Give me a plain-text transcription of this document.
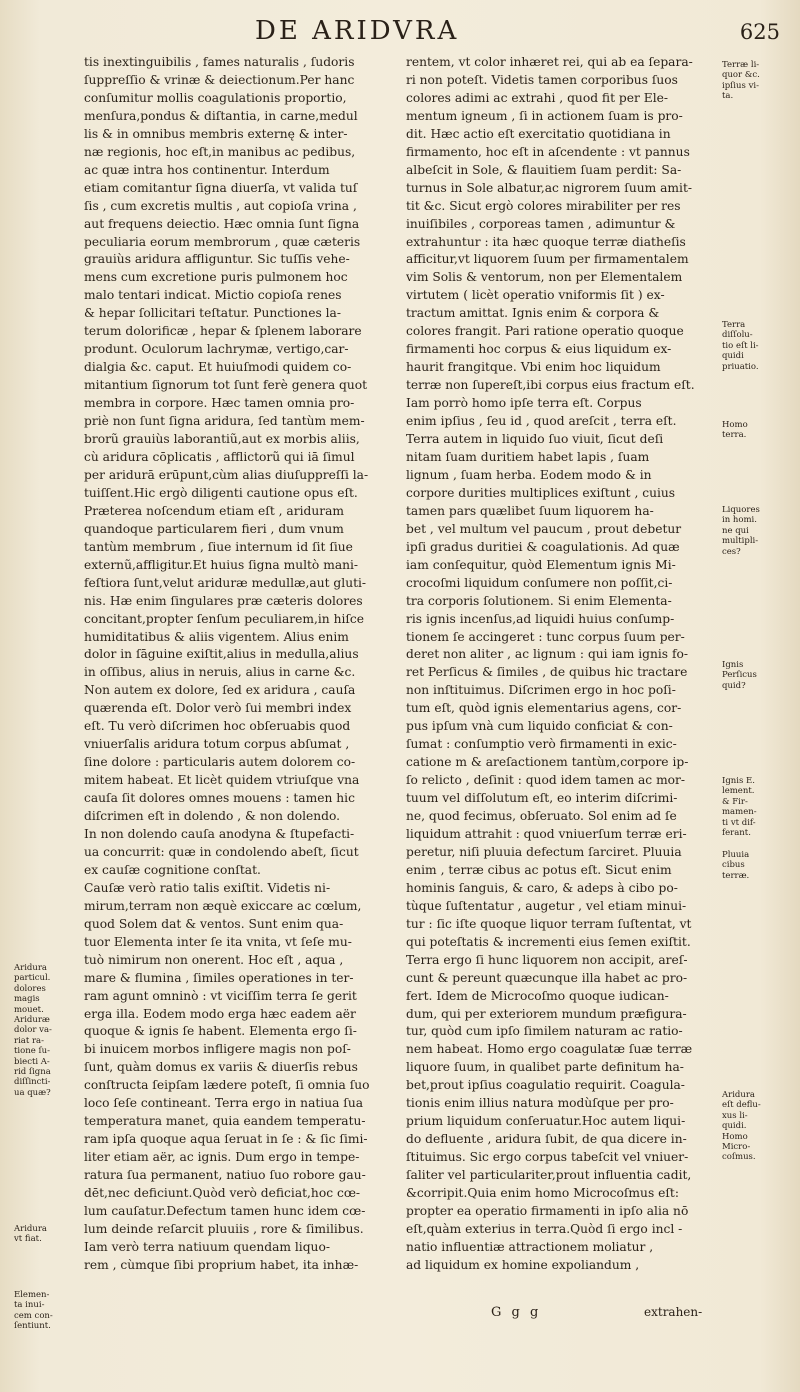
DE ARIDVRA	625
tis inextinguibilis , fames naturalis , ſudoris
ſuppreſſio & vrinæ & deiectionum.Per hanc
conſumitur mollis coagulationis proportio,
menſura,pondus & diſtantia, in carne,medul
lis & in omnibus membris externę & inter-
næ regionis, hoc eſt,in manibus ac pedibus,
ac quæ intra hos continentur. Interdum
etiam comitantur ſigna diuerſa, vt valida tuſ
ſis , cum excretis multis , aut copioſa vrina ,
aut frequens deiectio. Hæc omnia ſunt ſigna
peculiaria eorum membrorum , quæ cæteris
grauiùs aridura affliguntur. Sic tuſſis vehe-
mens cum excretione puris pulmonem hoc
malo tentari indicat. Mictio copioſa renes
& hepar ſollicitari teſtatur. Punctiones la-
terum dolorificæ , hepar & ſplenem laborare
produnt. Oculorum lachrymæ, vertigo,car-
dialgia &c. caput. Et huiuſmodi quidem co-
mitantium ſignorum tot ſunt ferè genera quot
membra in corpore. Hæc tamen omnia pro-
priè non ſunt ſigna aridura, ſed tantùm mem-
brorũ grauiùs laborantiũ,aut ex morbis aliis,
cù aridura cōplicatis , afflictorũ qui iā ſimul
per aridurā erūpunt,cùm alias diuſuppreſſi la-
tuiſſent.Hic ergò diligenti cautione opus eſt.
Præterea noſcendum etiam eſt , ariduram
quandoque particularem fieri , dum vnum
tantùm membrum , ſiue internum id ſit ſiue
externũ,affligitur.Et huius ſigna multò mani-
feſtiora ſunt,velut ariduræ medullæ,aut gluti-
nis. Hæ enim ſingulares præ cæteris dolores
concitant,propter ſenſum peculiarem,in hiſce
humiditatibus & aliis vigentem. Alius enim
dolor in ſāguine exiſtit,alius in medulla,alius
in oſſibus, alius in neruis, alius in carne &c.
Non autem ex dolore, ſed ex aridura , cauſa
quærenda eſt. Dolor verò ſui membri index
eſt. Tu verò diſcrimen hoc obſeruabis quod
vniuerſalis aridura totum corpus abſumat ,
ſine dolore : particularis autem dolorem co-
mitem habeat. Et licèt quidem vtriuſque vna
cauſa ſit dolores omnes mouens : tamen hic
diſcrimen eſt in dolendo , & non dolendo.
In non dolendo cauſa anodyna & ſtupefacti-
ua concurrit: quæ in condolendo abeſt, ſicut
ex cauſæ cognitione conſtat.
Cauſæ verò ratio talis exiſtit. Videtis ni-
mirum,terram non æquè exiccare ac cœlum,
quod Solem dat & ventos. Sunt enim qua-
tuor Elementa inter ſe ita vnita, vt ſeſe mu-
tuò nimirum non onerent. Hoc eſt , aqua ,
mare & flumina , ſimiles operationes in ter-
ram agunt omninò : vt viciſſim terra ſe gerit
erga illa. Eodem modo erga hæc eadem aër
quoque & ignis ſe habent. Elementa ergo ſi-
bi inuicem morbos infligere magis non poſ-
ſunt, quàm domus ex variis & diuerſis rebus
conſtructa ſeipſam lædere poteſt, ſi omnia ſuo
loco ſeſe contineant. Terra ergo in natiua ſua
temperatura manet, quia eandem temperatu-
ram ipſa quoque aqua ſeruat in ſe : & ſic ſimi-
liter etiam aër, ac ignis. Dum ergo in tempe-
ratura ſua permanent, natiuo ſuo robore gau-
dēt,nec deficiunt.Quòd verò deficiat,hoc cœ-
lum cauſatur.Defectum tamen hunc idem cœ-
lum deinde reſarcit pluuiis , rore & ſimilibus.
Iam verò terra natiuum quendam liquo-
rem , cùmque ſibi proprium habet, ita inhæ-
rentem, vt color inhæret rei, qui ab ea ſepara-
ri non poteſt. Videtis tamen corporibus ſuos
colores adimi ac extrahi , quod fit per Ele-
mentum igneum , ſi in actionem ſuam is pro-
dit. Hæc actio eſt exercitatio quotidiana in
firmamento, hoc eſt in aſcendente : vt pannus
albeſcit in Sole, & flauitiem ſuam perdit: Sa-
turnus in Sole albatur,ac nigrorem ſuum amit-
tit &c. Sicut ergò colores mirabiliter per res
inuiſibiles , corporeas tamen , adimuntur &
extrahuntur : ita hæc quoque terræ diatheſis
afficitur,vt liquorem ſuum per firmamentalem
vim Solis & ventorum, non per Elementalem
virtutem ( licèt operatio vniformis ſit ) ex-
tractum amittat. Ignis enim & corpora &
colores frangit. Pari ratione operatio quoque
firmamenti hoc corpus & eius liquidum ex-
haurit frangitque. Vbi enim hoc liquidum
terræ non ſupereſt,ibi corpus eius fractum eſt.
Iam porrò homo ipſe terra eſt. Corpus
enim ipſius , ſeu id , quod areſcit , terra eſt.
Terra autem in liquido ſuo viuit, ſicut deſi
nitam ſuam duritiem habet lapis , ſuam
lignum , ſuam herba. Eodem modo & in
corpore durities multiplices exiſtunt , cuius
tamen pars quælibet ſuum liquorem ha-
bet , vel multum vel paucum , prout debetur
ipſi gradus duritiei & coagulationis. Ad quæ
iam conſequitur, quòd Elementum ignis Mi-
crocoſmi liquidum conſumere non poſſit,ci-
tra corporis ſolutionem. Si enim Elementa-
ris ignis incenſus,ad liquidi huius conſump-
tionem ſe accingeret : tunc corpus ſuum per-
deret non aliter , ac lignum : qui iam ignis fo-
ret Perſicus & ſimiles , de quibus hic tractare
non inſtituimus. Diſcrimen ergo in hoc poſi-
tum eſt, quòd ignis elementarius agens, cor-
pus ipſum vnà cum liquido conficiat & con-
ſumat : conſumptio verò firmamenti in exic-
catione m & areſactionem tantùm,corpore ip-
ſo relicto , deſinit : quod idem tamen ac mor-
tuum vel diſſolutum eſt, eo interim diſcrimi-
ne, quod fecimus, obſeruato. Sol enim ad ſe
liquidum attrahit : quod vniuerſum terræ eri-
peretur, niſi pluuia defectum ſarciret. Pluuia
enim , terræ cibus ac potus eſt. Sicut enim
hominis ſanguis, & caro, & adeps à cibo po-
tùque ſuſtentatur , augetur , vel etiam minui-
tur : ſic iſte quoque liquor terram ſuſtentat, vt
qui poteſtatis & incrementi eius ſemen exiſtit.
Terra ergo ſi hunc liquorem non accipit, areſ-
cunt & pereunt quæcunque illa habet ac pro-
fert. Idem de Microcoſmo quoque iudican-
dum, qui per exteriorem mundum præfigura-
tur, quòd cum ipſo ſimilem naturam ac ratio-
nem habeat. Homo ergo coagulatæ ſuæ terræ
liquore ſuum, in qualibet parte definitum ha-
bet,prout ipſius coagulatio requirit. Coagula-
tionis enim illius natura modùſque per pro-
prium liquidum conſeruatur.Hoc autem liqui-
do defluente , aridura ſubit, de qua dicere in-
ſtituimus. Sic ergo corpus tabeſcit vel vniuer-
ſaliter vel particulariter,prout influentia cadit,
&corripit.Quia enim homo Microcoſmus eſt:
propter ea operatio firmamenti in ipſo alia nō
eſt,quàm exterius in terra.Quòd ſi ergo incl -
natio influentiæ attractionem moliatur ,
ad liquidum ex homine expoliandum ,
Aridura
particul.
dolores
magis
mouet.
Ariduræ
dolor va-
riat ra-
tione ſu-
biecti A-
rid ſigna
diſſincti-
ua quæ?
Aridura
vt fiat.
Elemen-
ta inui-
cem con-
ſentiunt.
Terræ li-
quor &c.
ipſius vi-
ta.
Terra
diſſolu-
tio eſt li-
quidi
priuatio.
Homo
terra.
Liquores
in homi.
ne qui
multipli-
ces?
Ignis
Perſicus
quid?
Ignis E.
lement.
& Fir-
mamen-
ti vt dif-
ferant.
Pluuia
cibus
terræ.
Aridura
eſt deflu-
xus li-
quidi.
Homo
Micro-
coſmus.
G g g	extrahen-
